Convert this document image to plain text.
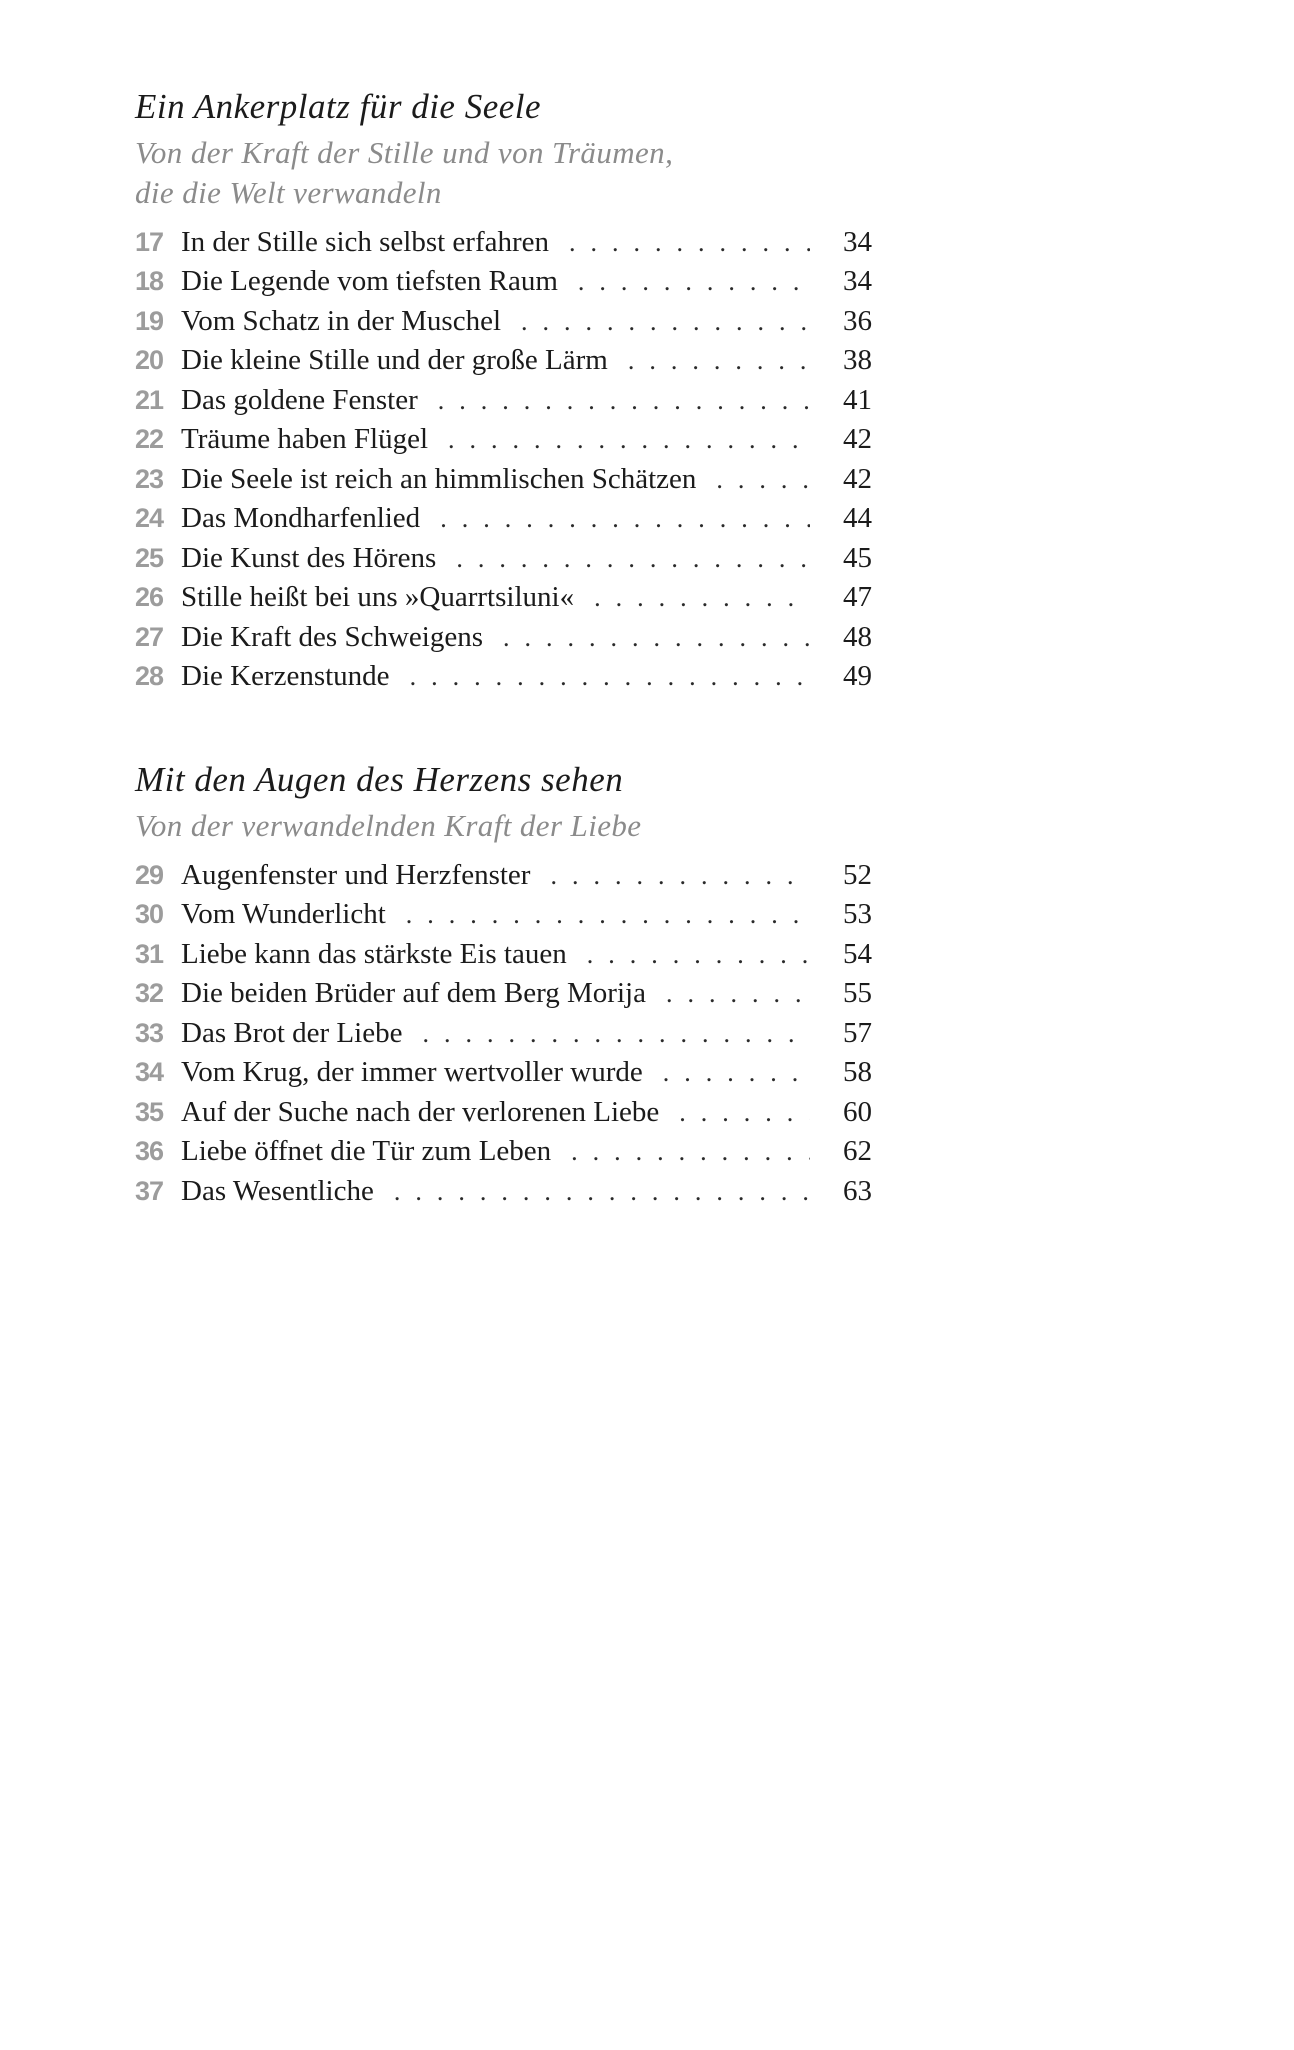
Ein Ankerplatz für die Seele
Von der Kraft der Stille und von Träumen,
die die Welt verwandeln
17 In der Stille sich selbst erfahren .....	34
18 Die Legende vom tiefsten Raum .....	34
19 Vom Schatz in der Muschel .....	36
20 Die kleine Stille und der große Lärm .....	38
21 Das goldene Fenster .....	41
22 Träume haben Flügel .....	42
23 Die Seele ist reich an himmlischen Schätzen .....	42
24 Das Mondharfenlied .....	44
25 Die Kunst des Hörens .....	45
26 Stille heißt bei uns »Quarrtsiluni« .....	47
27 Die Kraft des Schweigens .....	48
28 Die Kerzenstunde .....	49
Mit den Augen des Herzens sehen
Von der verwandelnden Kraft der Liebe
29 Augenfenster und Herzfenster .....	52
30 Vom Wunderlicht .....	53
31 Liebe kann das stärkste Eis tauen .....	54
32 Die beiden Brüder auf dem Berg Morija .....	55
33 Das Brot der Liebe .....	57
34 Vom Krug, der immer wertvoller wurde .....	58
35 Auf der Suche nach der verlorenen Liebe .....	60
36 Liebe öffnet die Tür zum Leben .....	62
37 Das Wesentliche .....	63
